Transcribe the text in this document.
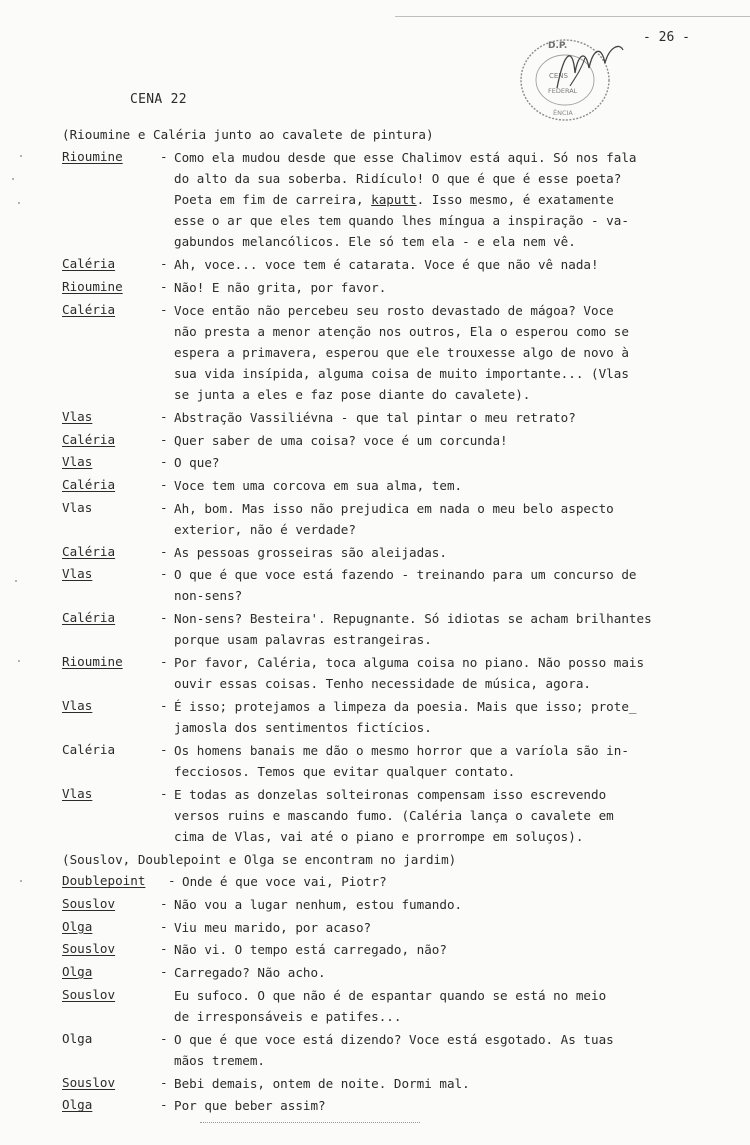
- 26 -
D.P.
CENS
FEDERAL
ÊNCIA
CENA 22
(Rioumine e Caléria junto ao cavalete de pintura)
Rioumine	- Como ela mudou desde que esse Chalimov está aqui. Só nos fala
do alto da sua soberba. Ridículo! O que é que é esse poeta?
Poeta em fim de carreira, kaputt. Isso mesmo, é exatamente
esse o ar que eles tem quando lhes míngua a inspiração - va-
gabundos melancólicos. Ele só tem ela - e ela nem vê.
Caléria	- Ah, voce... voce tem é catarata. Voce é que não vê nada!
Rioumine	- Não! E não grita, por favor.
Caléria	- Voce então não percebeu seu rosto devastado de mágoa? Voce
não presta a menor atenção nos outros, Ela o esperou como se
espera a primavera, esperou que ele trouxesse algo de novo à
sua vida insípida, alguma coisa de muito importante... (Vlas
se junta a eles e faz pose diante do cavalete).
Vlas	- Abstração Vassiliévna - que tal pintar o meu retrato?
Caléria	- Quer saber de uma coisa? voce é um corcunda!
Vlas	- O que?
Caléria	- Voce tem uma corcova em sua alma, tem.
Vlas	- Ah, bom. Mas isso não prejudica em nada o meu belo aspecto
exterior, não é verdade?
Caléria	- As pessoas grosseiras são aleijadas.
Vlas	- O que é que voce está fazendo - treinando para um concurso de
non-sens?
Caléria	- Non-sens? Besteira'. Repugnante. Só idiotas se acham brilhantes
porque usam palavras estrangeiras.
Rioumine	- Por favor, Caléria, toca alguma coisa no piano. Não posso mais
ouvir essas coisas. Tenho necessidade de música, agora.
Vlas	- É isso; protejamos a limpeza da poesia. Mais que isso; prote_
jamosla dos sentimentos fictícios.
Caléria	- Os homens banais me dão o mesmo horror que a varíola são in-
fecciosos. Temos que evitar qualquer contato.
Vlas	- E todas as donzelas solteironas compensam isso escrevendo
versos ruins e mascando fumo. (Caléria lança o cavalete em
cima de Vlas, vai até o piano e prorrompe em soluços).
(Souslov, Doublepoint e Olga se encontram no jardim)
Doublepoint	- Onde é que voce vai, Piotr?
Souslov	- Não vou a lugar nenhum, estou fumando.
Olga	- Viu meu marido, por acaso?
Souslov	- Não vi. O tempo está carregado, não?
Olga	- Carregado? Não acho.
Souslov	Eu sufoco. O que não é de espantar quando se está no meio
de irresponsáveis e patifes...
Olga	- O que é que voce está dizendo? Voce está esgotado. As tuas
mãos tremem.
Souslov	- Bebi demais, ontem de noite. Dormi mal.
Olga	- Por que beber assim?
